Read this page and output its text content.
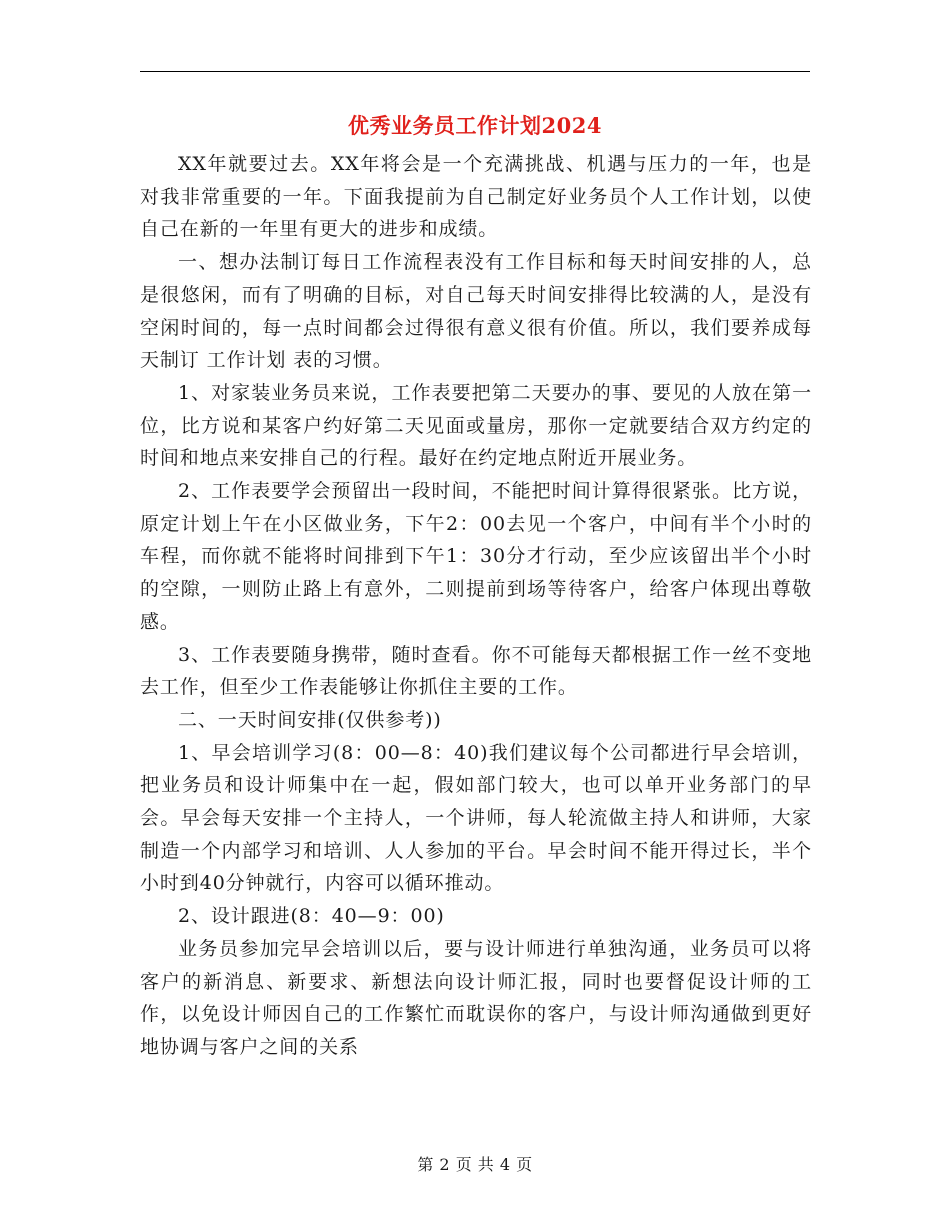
优秀业务员工作计划2024

XX年就要过去。XX年将会是一个充满挑战、机遇与压力的一年，也是对我非常重要的一年。下面我提前为自己制定好业务员个人工作计划，以使自己在新的一年里有更大的进步和成绩。

一、想办法制订每日工作流程表没有工作目标和每天时间安排的人，总是很悠闲，而有了明确的目标，对自己每天时间安排得比较满的人，是没有空闲时间的，每一点时间都会过得很有意义很有价值。所以，我们要养成每天制订 工作计划 表的习惯。

1、对家装业务员来说，工作表要把第二天要办的事、要见的人放在第一位，比方说和某客户约好第二天见面或量房，那你一定就要结合双方约定的时间和地点来安排自己的行程。最好在约定地点附近开展业务。

2、工作表要学会预留出一段时间，不能把时间计算得很紧张。比方说，原定计划上午在小区做业务，下午2：00去见一个客户，中间有半个小时的车程，而你就不能将时间排到下午1：30分才行动，至少应该留出半个小时的空隙，一则防止路上有意外，二则提前到场等待客户，给客户体现出尊敬感。

3、工作表要随身携带，随时查看。你不可能每天都根据工作一丝不变地去工作，但至少工作表能够让你抓住主要的工作。

二、一天时间安排(仅供参考))

1、早会培训学习(8：00—8：40)我们建议每个公司都进行早会培训，把业务员和设计师集中在一起，假如部门较大，也可以单开业务部门的早会。早会每天安排一个主持人，一个讲师，每人轮流做主持人和讲师，大家制造一个内部学习和培训、人人参加的平台。早会时间不能开得过长，半个小时到40分钟就行，内容可以循环推动。

2、设计跟进(8：40—9：00)

业务员参加完早会培训以后，要与设计师进行单独沟通，业务员可以将客户的新消息、新要求、新想法向设计师汇报，同时也要督促设计师的工作，以免设计师因自己的工作繁忙而耽误你的客户，与设计师沟通做到更好地协调与客户之间的关系

第 2 页 共 4 页
